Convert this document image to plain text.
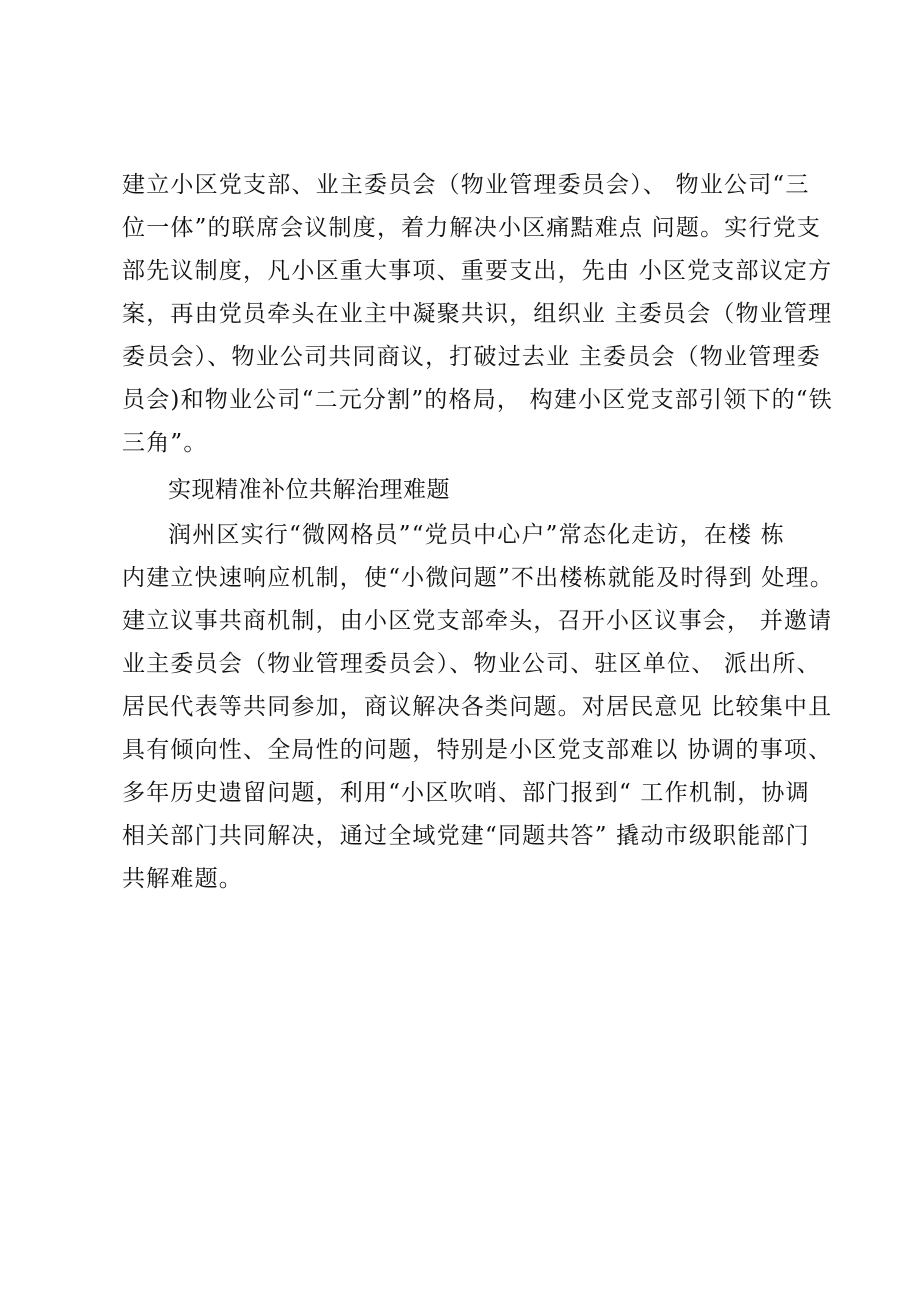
建立小区党支部、业主委员会（物业管理委员会）、 物业公司“三
位一体”的联席会议制度，着力解决小区痛黠难点 问题。实行党支
部先议制度，凡小区重大事项、重要支出，先由 小区党支部议定方
案，再由党员牵头在业主中凝聚共识，组织业 主委员会（物业管理
委员会）、物业公司共同商议，打破过去业 主委员会（物业管理委
员会)和物业公司“二元分割”的格局， 构建小区党支部引领下的“铁
三角”。
实现精准补位共解治理难题
润州区实行“微网格员”“党员中心户”常态化走访，在楼 栋
内建立快速响应机制，使“小微问题”不出楼栋就能及时得到 处理。
建立议事共商机制，由小区党支部牵头，召开小区议事会， 并邀请
业主委员会（物业管理委员会）、物业公司、驻区单位、 派出所、
居民代表等共同参加，商议解决各类问题。对居民意见 比较集中且
具有倾向性、全局性的问题，特别是小区党支部难以 协调的事项、
多年历史遗留问题，利用“小区吹哨、部门报到“ 工作机制，协调
相关部门共同解决，通过全域党建“同题共答” 撬动市级职能部门
共解难题。
